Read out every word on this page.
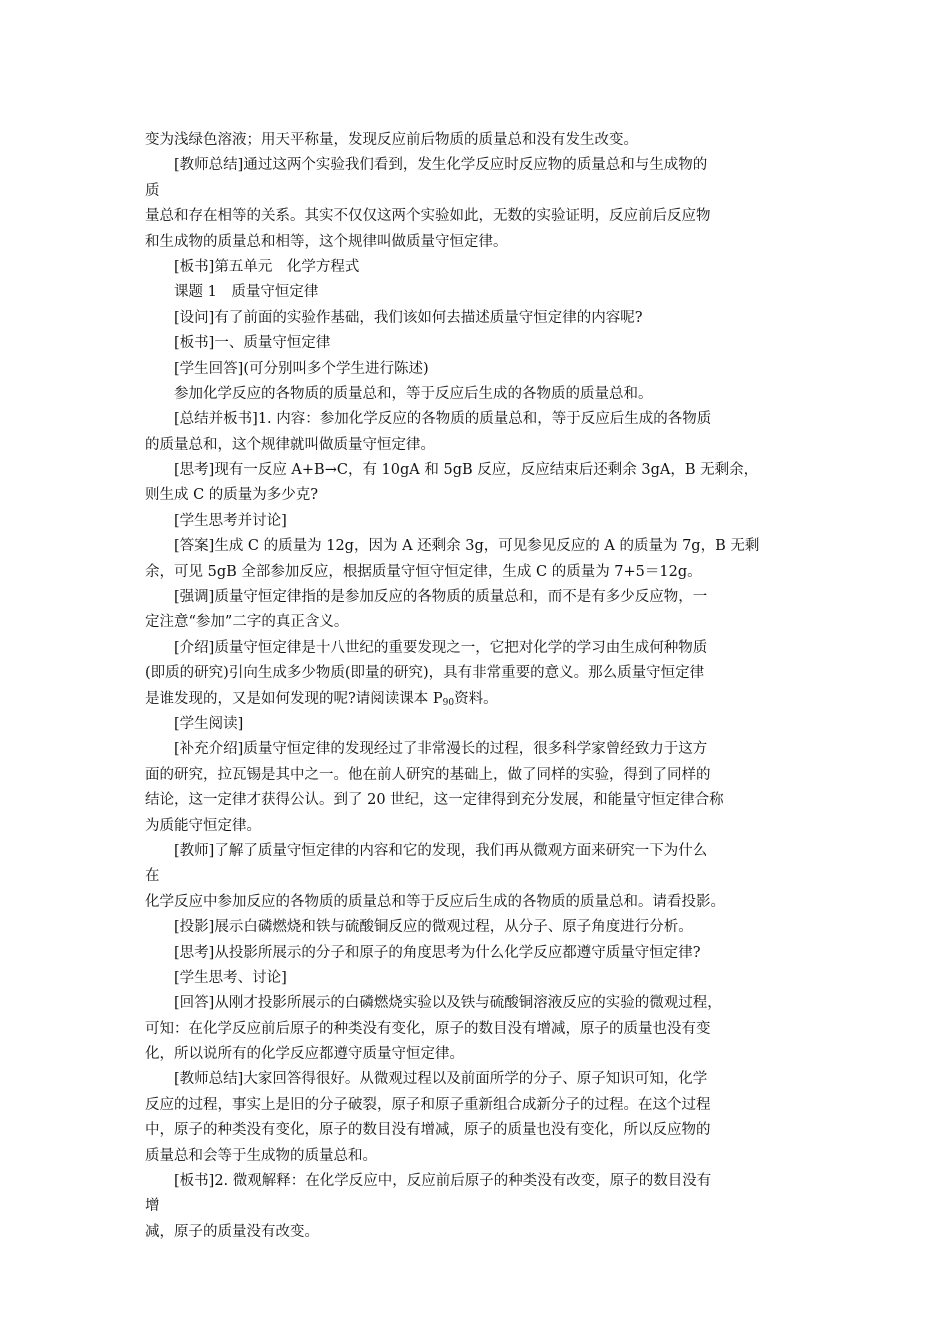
变为浅绿色溶液；用天平称量，发现反应前后物质的质量总和没有发生改变。
[教师总结]通过这两个实验我们看到，发生化学反应时反应物的质量总和与生成物的
质
量总和存在相等的关系。其实不仅仅这两个实验如此，无数的实验证明，反应前后反应物
和生成物的质量总和相等，这个规律叫做质量守恒定律。
[板书]第五单元　化学方程式
课题 1　质量守恒定律
[设问]有了前面的实验作基础，我们该如何去描述质量守恒定律的内容呢?
[板书]一、质量守恒定律
[学生回答](可分别叫多个学生进行陈述)
参加化学反应的各物质的质量总和，等于反应后生成的各物质的质量总和。
[总结并板书]1. 内容：参加化学反应的各物质的质量总和，等于反应后生成的各物质
的质量总和，这个规律就叫做质量守恒定律。
[思考]现有一反应 A+B→C，有 10gA 和 5gB 反应，反应结束后还剩余 3gA，B 无剩余，
则生成 C 的质量为多少克?
[学生思考并讨论]
[答案]生成 C 的质量为 12g，因为 A 还剩余 3g，可见参见反应的 A 的质量为 7g，B 无剩
余，可见 5gB 全部参加反应，根据质量守恒守恒定律，生成 C 的质量为 7+5＝12g。
[强调]质量守恒定律指的是参加反应的各物质的质量总和，而不是有多少反应物，一
定注意“参加”二字的真正含义。
[介绍]质量守恒定律是十八世纪的重要发现之一，它把对化学的学习由生成何种物质
(即质的研究)引向生成多少物质(即量的研究)，具有非常重要的意义。那么质量守恒定律
是谁发现的，又是如何发现的呢?请阅读课本 $P_{90}$资料。
[学生阅读]
[补充介绍]质量守恒定律的发现经过了非常漫长的过程，很多科学家曾经致力于这方
面的研究，拉瓦锡是其中之一。他在前人研究的基础上，做了同样的实验，得到了同样的
结论，这一定律才获得公认。到了 20 世纪，这一定律得到充分发展，和能量守恒定律合称
为质能守恒定律。
[教师]了解了质量守恒定律的内容和它的发现，我们再从微观方面来研究一下为什么
在
化学反应中参加反应的各物质的质量总和等于反应后生成的各物质的质量总和。请看投影。
[投影]展示白磷燃烧和铁与硫酸铜反应的微观过程，从分子、原子角度进行分析。
[思考]从投影所展示的分子和原子的角度思考为什么化学反应都遵守质量守恒定律?
[学生思考、讨论]
[回答]从刚才投影所展示的白磷燃烧实验以及铁与硫酸铜溶液反应的实验的微观过程，
可知：在化学反应前后原子的种类没有变化，原子的数目没有增减，原子的质量也没有变
化，所以说所有的化学反应都遵守质量守恒定律。
[教师总结]大家回答得很好。从微观过程以及前面所学的分子、原子知识可知，化学
反应的过程，事实上是旧的分子破裂，原子和原子重新组合成新分子的过程。在这个过程
中，原子的种类没有变化，原子的数目没有增减，原子的质量也没有变化，所以反应物的
质量总和会等于生成物的质量总和。
[板书]2. 微观解释：在化学反应中，反应前后原子的种类没有改变，原子的数目没有
增
减，原子的质量没有改变。
